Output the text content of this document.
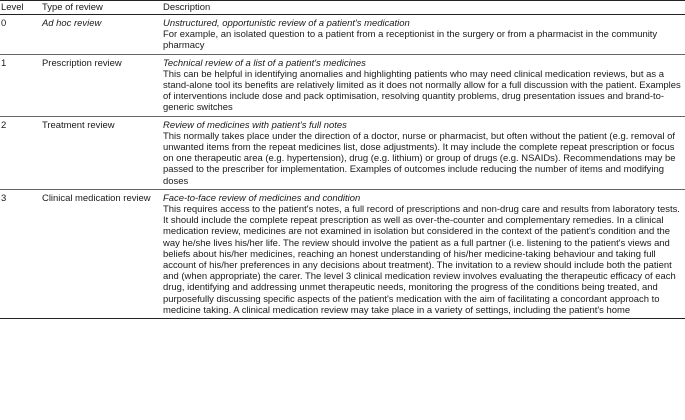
Level	Type of review	Description
0	Ad hoc review	Unstructured, opportunistic review of a patient's medication
For example, an isolated question to a patient from a receptionist in the surgery or from a pharmacist in the community pharmacy

1	Prescription review	Technical review of a list of a patient's medicines
This can be helpful in identifying anomalies and highlighting patients who may need clinical medication reviews, but as a stand-alone tool its benefits are relatively limited as it does not normally allow for a full discussion with the patient. Examples of interventions include dose and pack optimisation, resolving quantity problems, drug presentation issues and brand-to-generic switches

2	Treatment review	Review of medicines with patient's full notes
This normally takes place under the direction of a doctor, nurse or pharmacist, but often without the patient (e.g. removal of unwanted items from the repeat medicines list, dose adjustments). It may include the complete repeat prescription or focus on one therapeutic area (e.g. hypertension), drug (e.g. lithium) or group of drugs (e.g. NSAIDs). Recommendations may be passed to the prescriber for implementation. Examples of outcomes include reducing the number of items and modifying doses

3	Clinical medication review	Face-to-face review of medicines and condition
This requires access to the patient's notes, a full record of prescriptions and non-drug care and results from laboratory tests. It should include the complete repeat prescription as well as over-the-counter and complementary remedies. In a clinical medication review, medicines are not examined in isolation but considered in the context of the patient's condition and the way he/she lives his/her life. The review should involve the patient as a full partner (i.e. listening to the patient's views and beliefs about his/her medicines, reaching an honest understanding of his/her medicine-taking behaviour and taking full account of his/her preferences in any decisions about treatment). The invitation to a review should include both the patient and (when appropriate) the carer. The level 3 clinical medication review involves evaluating the therapeutic efficacy of each drug, identifying and addressing unmet therapeutic needs, monitoring the progress of the conditions being treated, and purposefully discussing specific aspects of the patient's medication with the aim of facilitating a concordant approach to medicine taking. A clinical medication review may take place in a variety of settings, including the patient's home
